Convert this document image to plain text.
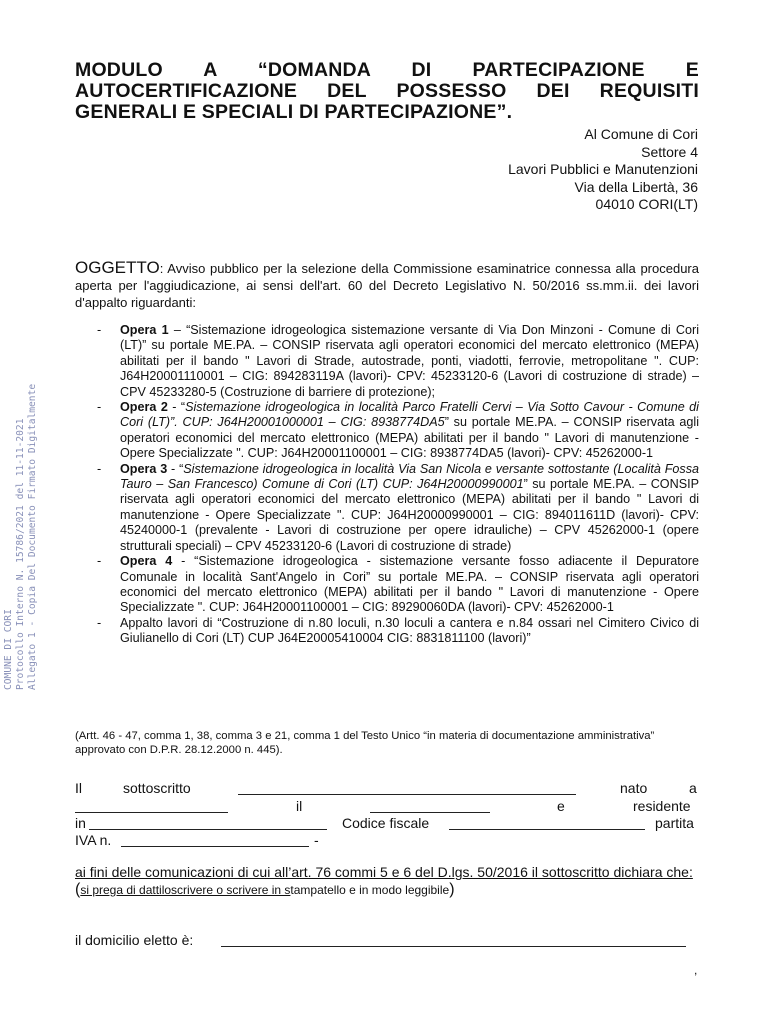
MODULO A “DOMANDA DI PARTECIPAZIONE E AUTOCERTIFICAZIONE DEL POSSESSO DEI REQUISITI GENERALI E SPECIALI DI PARTECIPAZIONE”.
Al Comune di Cori
Settore 4
Lavori Pubblici e Manutenzioni
Via della Libertà, 36
04010 CORI(LT)
OGGETTO: Avviso pubblico per la selezione della Commissione esaminatrice connessa alla procedura aperta per l'aggiudicazione, ai sensi dell'art. 60 del Decreto Legislativo N. 50/2016 ss.mm.ii. dei lavori d'appalto riguardanti:
- Opera 1 – “Sistemazione idrogeologica sistemazione versante di Via Don Minzoni - Comune di Cori (LT)” su portale ME.PA. – CONSIP riservata agli operatori economici del mercato elettronico (MEPA) abilitati per il bando " Lavori di Strade, autostrade, ponti, viadotti, ferrovie, metropolitane ". CUP: J64H20001110001 – CIG: 894283119A (lavori)- CPV: 45233120-6 (Lavori di costruzione di strade) – CPV 45233280-5 (Costruzione di barriere di protezione);
- Opera 2 - “Sistemazione idrogeologica in località Parco Fratelli Cervi – Via Sotto Cavour - Comune di Cori (LT)”. CUP: J64H20001000001 – CIG: 8938774DA5” su portale ME.PA. – CONSIP riservata agli operatori economici del mercato elettronico (MEPA) abilitati per il bando " Lavori di manutenzione - Opere Specializzate ". CUP: J64H20001100001 – CIG: 8938774DA5 (lavori)- CPV: 45262000-1
- Opera 3 - “Sistemazione idrogeologica in località Via San Nicola e versante sottostante (Località Fossa Tauro – San Francesco) Comune di Cori (LT) CUP: J64H20000990001” su portale ME.PA. – CONSIP riservata agli operatori economici del mercato elettronico (MEPA) abilitati per il bando " Lavori di manutenzione - Opere Specializzate ". CUP: J64H20000990001 – CIG: 894011611D (lavori)- CPV: 45240000-1 (prevalente - Lavori di costruzione per opere idrauliche) – CPV 45262000-1 (opere strutturali speciali) – CPV 45233120-6 (Lavori di costruzione di strade)
- Opera 4 - “Sistemazione idrogeologica - sistemazione versante fosso adiacente il Depuratore Comunale in località Sant'Angelo in Cori” su portale ME.PA. – CONSIP riservata agli operatori economici del mercato elettronico (MEPA) abilitati per il bando " Lavori di manutenzione - Opere Specializzate ". CUP: J64H20001100001 – CIG: 89290060DA (lavori)- CPV: 45262000-1
- Appalto lavori di “Costruzione di n.80 loculi, n.30 loculi a cantera e n.84 ossari nel Cimitero Civico di Giulianello di Cori (LT) CUP J64E20005410004 CIG: 8831811100 (lavori)”
(Artt. 46 - 47, comma 1, 38, comma 3 e 21, comma 1 del Testo Unico “in materia di documentazione amministrativa” approvato con D.P.R. 28.12.2000 n. 445).
COMUNE DI CORI Protocollo Interno N. 15786/2021 del 11-11-2021 Allegato 1 - Copia Del Documento Firmato Digitalmente
Il	sottoscritto	nato	a
il	e	residente
in	Codice fiscale	partita
IVA n.	-
ai fini delle comunicazioni di cui all’art. 76 commi 5 e 6 del D.lgs. 50/2016 il sottoscritto dichiara che:
(si prega di dattiloscrivere o scrivere in stampatello e in modo leggibile)
il domicilio eletto è:
,
